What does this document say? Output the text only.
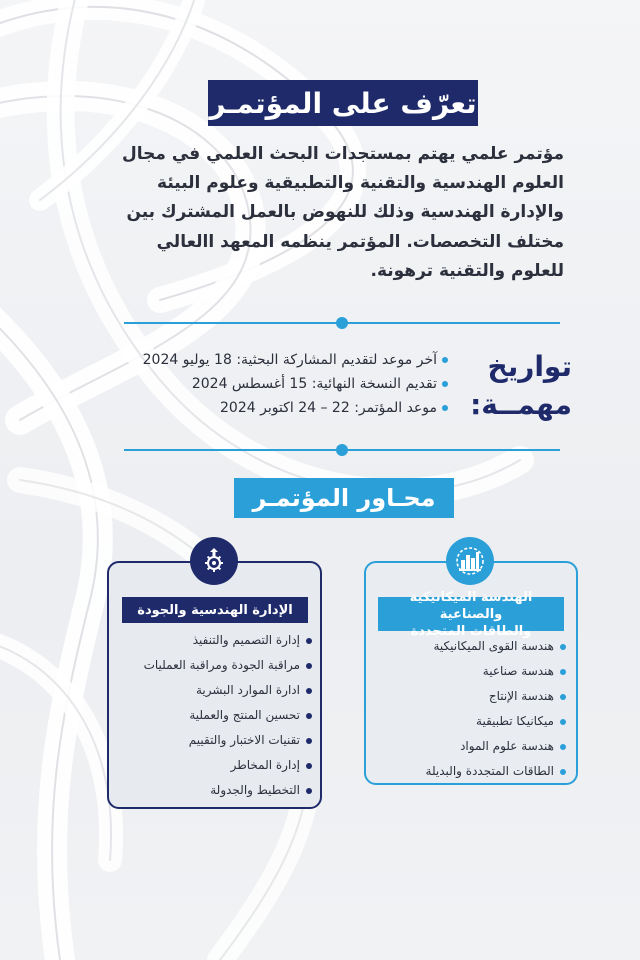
تعرّف على المؤتمـر
مؤتمر علمي يهتم بمستجدات البحث العلمي في مجال
العلوم الهندسية والتقنية والتطبيقية وعلوم البيئة
والإدارة الهندسية وذلك للنهوض بالعمل المشترك بين
مختلف التخصصات. المؤتمر ينظمه المعهد االعالي
للعلوم والتقنية ترهونة.
تواريخ
مهمــة:
آخر موعد لتقديم المشاركة البحثية: 18 يوليو 2024
تقديم النسخة النهائية: 15 أغسطس 2024
موعد المؤتمر: 22 – 24 اكتوبر 2024
محـاور المؤتمـر
الإدارة الهندسية والجودة
إدارة التصميم والتنفيذ
مراقبة الجودة ومراقبة العمليات
ادارة الموارد البشرية
تحسين المنتج والعملية
تقنيات الاختبار والتقييم
إدارة المخاطر
التخطيط والجدولة
الهندسة الميكانيكية والصناعية
والطاقات المتجددة
هندسة القوى الميكانيكية
هندسة صناعية
هندسة الإنتاج
ميكانيكا تطبيقية
هندسة علوم المواد
الطاقات المتجددة والبديلة
